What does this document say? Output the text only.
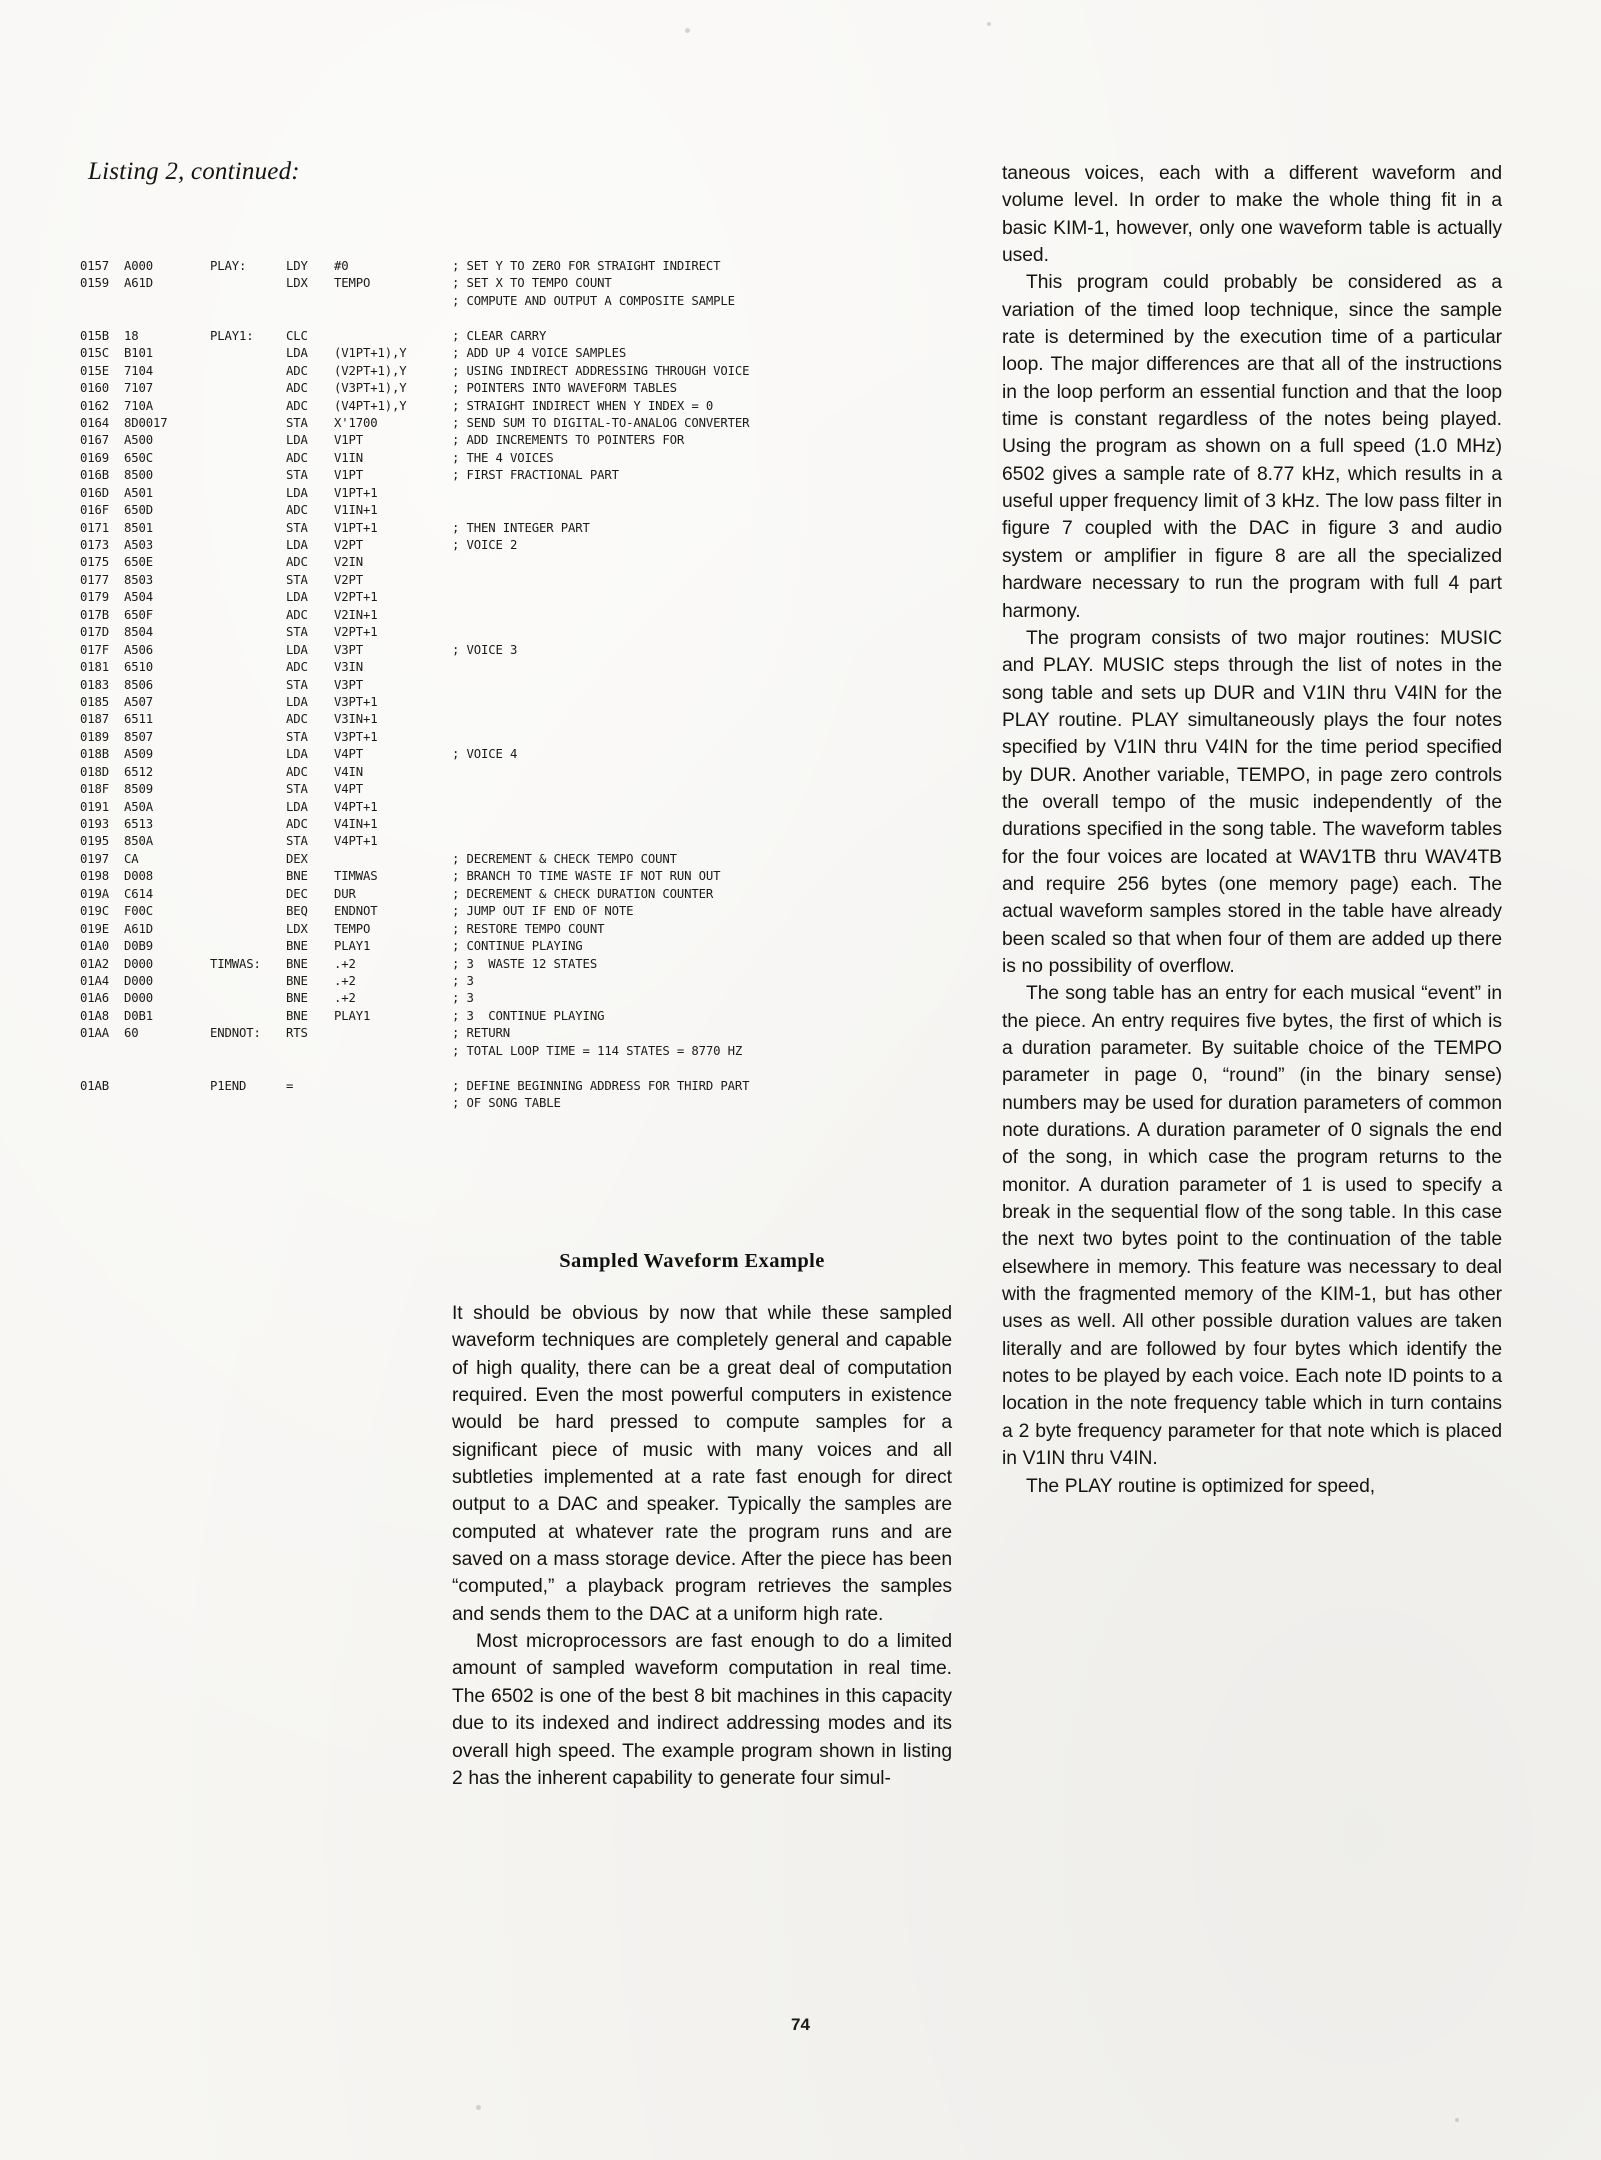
Listing 2, continued:
0157 A000	PLAY:	LDY #0	; SET Y TO ZERO FOR STRAIGHT INDIRECT
0159 A61D	LDX TEMPO	; SET X TO TEMPO COUNT
; COMPUTE AND OUTPUT A COMPOSITE SAMPLE
015B 18	PLAY1:	CLC	; CLEAR CARRY
015C B101	LDA (V1PT+1),Y	; ADD UP 4 VOICE SAMPLES
015E 7104	ADC (V2PT+1),Y	; USING INDIRECT ADDRESSING THROUGH VOICE
0160 7107	ADC (V3PT+1),Y	; POINTERS INTO WAVEFORM TABLES
0162 710A	ADC (V4PT+1),Y	; STRAIGHT INDIRECT WHEN Y INDEX = 0
0164 8D0017	STA X'1700	; SEND SUM TO DIGITAL-TO-ANALOG CONVERTER
0167 A500	LDA V1PT	; ADD INCREMENTS TO POINTERS FOR
0169 650C	ADC V1IN	; THE 4 VOICES
016B 8500	STA V1PT	; FIRST FRACTIONAL PART
016D A501	LDA V1PT+1
016F 650D	ADC V1IN+1
0171 8501	STA V1PT+1	; THEN INTEGER PART
0173 A503	LDA V2PT	; VOICE 2
0175 650E	ADC V2IN
0177 8503	STA V2PT
0179 A504	LDA V2PT+1
017B 650F	ADC V2IN+1
017D 8504	STA V2PT+1
017F A506	LDA V3PT	; VOICE 3
0181 6510	ADC V3IN
0183 8506	STA V3PT
0185 A507	LDA V3PT+1
0187 6511	ADC V3IN+1
0189 8507	STA V3PT+1
018B A509	LDA V4PT	; VOICE 4
018D 6512	ADC V4IN
018F 8509	STA V4PT
0191 A50A	LDA V4PT+1
0193 6513	ADC V4IN+1
0195 850A	STA V4PT+1
0197 CA	DEX	; DECREMENT & CHECK TEMPO COUNT
0198 D008	BNE TIMWAS	; BRANCH TO TIME WASTE IF NOT RUN OUT
019A C614	DEC DUR	; DECREMENT & CHECK DURATION COUNTER
019C F00C	BEQ ENDNOT	; JUMP OUT IF END OF NOTE
019E A61D	LDX TEMPO	; RESTORE TEMPO COUNT
01A0 D0B9	BNE PLAY1	; CONTINUE PLAYING
01A2 D000	TIMWAS: BNE .+2	; 3  WASTE 12 STATES
01A4 D000	BNE .+2	; 3
01A6 D000	BNE .+2	; 3
01A8 D0B1	BNE PLAY1	; 3  CONTINUE PLAYING
01AA 60	ENDNOT: RTS	; RETURN
; TOTAL LOOP TIME = 114 STATES = 8770 HZ
01AB	P1END	=	; DEFINE BEGINNING ADDRESS FOR THIRD PART
; OF SONG TABLE
Sampled Waveform Example

It should be obvious by now that while these sampled waveform techniques are completely general and capable of high quality, there can be a great deal of computation required. Even the most powerful computers in existence would be hard pressed to compute samples for a significant piece of music with many voices and all subtleties implemented at a rate fast enough for direct output to a DAC and speaker. Typically the samples are computed at whatever rate the program runs and are saved on a mass storage device. After the piece has been “computed,” a playback program retrieves the samples and sends them to the DAC at a uniform high rate.

Most microprocessors are fast enough to do a limited amount of sampled waveform computation in real time. The 6502 is one of the best 8 bit machines in this capacity due to its indexed and indirect addressing modes and its overall high speed. The example program shown in listing 2 has the inherent capability to generate four simul-

taneous voices, each with a different waveform and volume level. In order to make the whole thing fit in a basic KIM-1, however, only one waveform table is actually used.

This program could probably be considered as a variation of the timed loop technique, since the sample rate is determined by the execution time of a particular loop. The major differences are that all of the instructions in the loop perform an essential function and that the loop time is constant regardless of the notes being played. Using the program as shown on a full speed (1.0 MHz) 6502 gives a sample rate of 8.77 kHz, which results in a useful upper frequency limit of 3 kHz. The low pass filter in figure 7 coupled with the DAC in figure 3 and audio system or amplifier in figure 8 are all the specialized hardware necessary to run the program with full 4 part harmony.

The program consists of two major routines: MUSIC and PLAY. MUSIC steps through the list of notes in the song table and sets up DUR and V1IN thru V4IN for the PLAY routine. PLAY simultaneously plays the four notes specified by V1IN thru V4IN for the time period specified by DUR. Another variable, TEMPO, in page zero controls the overall tempo of the music independently of the durations specified in the song table. The waveform tables for the four voices are located at WAV1TB thru WAV4TB and require 256 bytes (one memory page) each. The actual waveform samples stored in the table have already been scaled so that when four of them are added up there is no possibility of overflow.

The song table has an entry for each musical “event” in the piece. An entry requires five bytes, the first of which is a duration parameter. By suitable choice of the TEMPO parameter in page 0, “round” (in the binary sense) numbers may be used for duration parameters of common note durations. A duration parameter of 0 signals the end of the song, in which case the program returns to the monitor. A duration parameter of 1 is used to specify a break in the sequential flow of the song table. In this case the next two bytes point to the continuation of the table elsewhere in memory. This feature was necessary to deal with the fragmented memory of the KIM-1, but has other uses as well. All other possible duration values are taken literally and are followed by four bytes which identify the notes to be played by each voice. Each note ID points to a location in the note frequency table which in turn contains a 2 byte frequency parameter for that note which is placed in V1IN thru V4IN.

The PLAY routine is optimized for speed,

74
